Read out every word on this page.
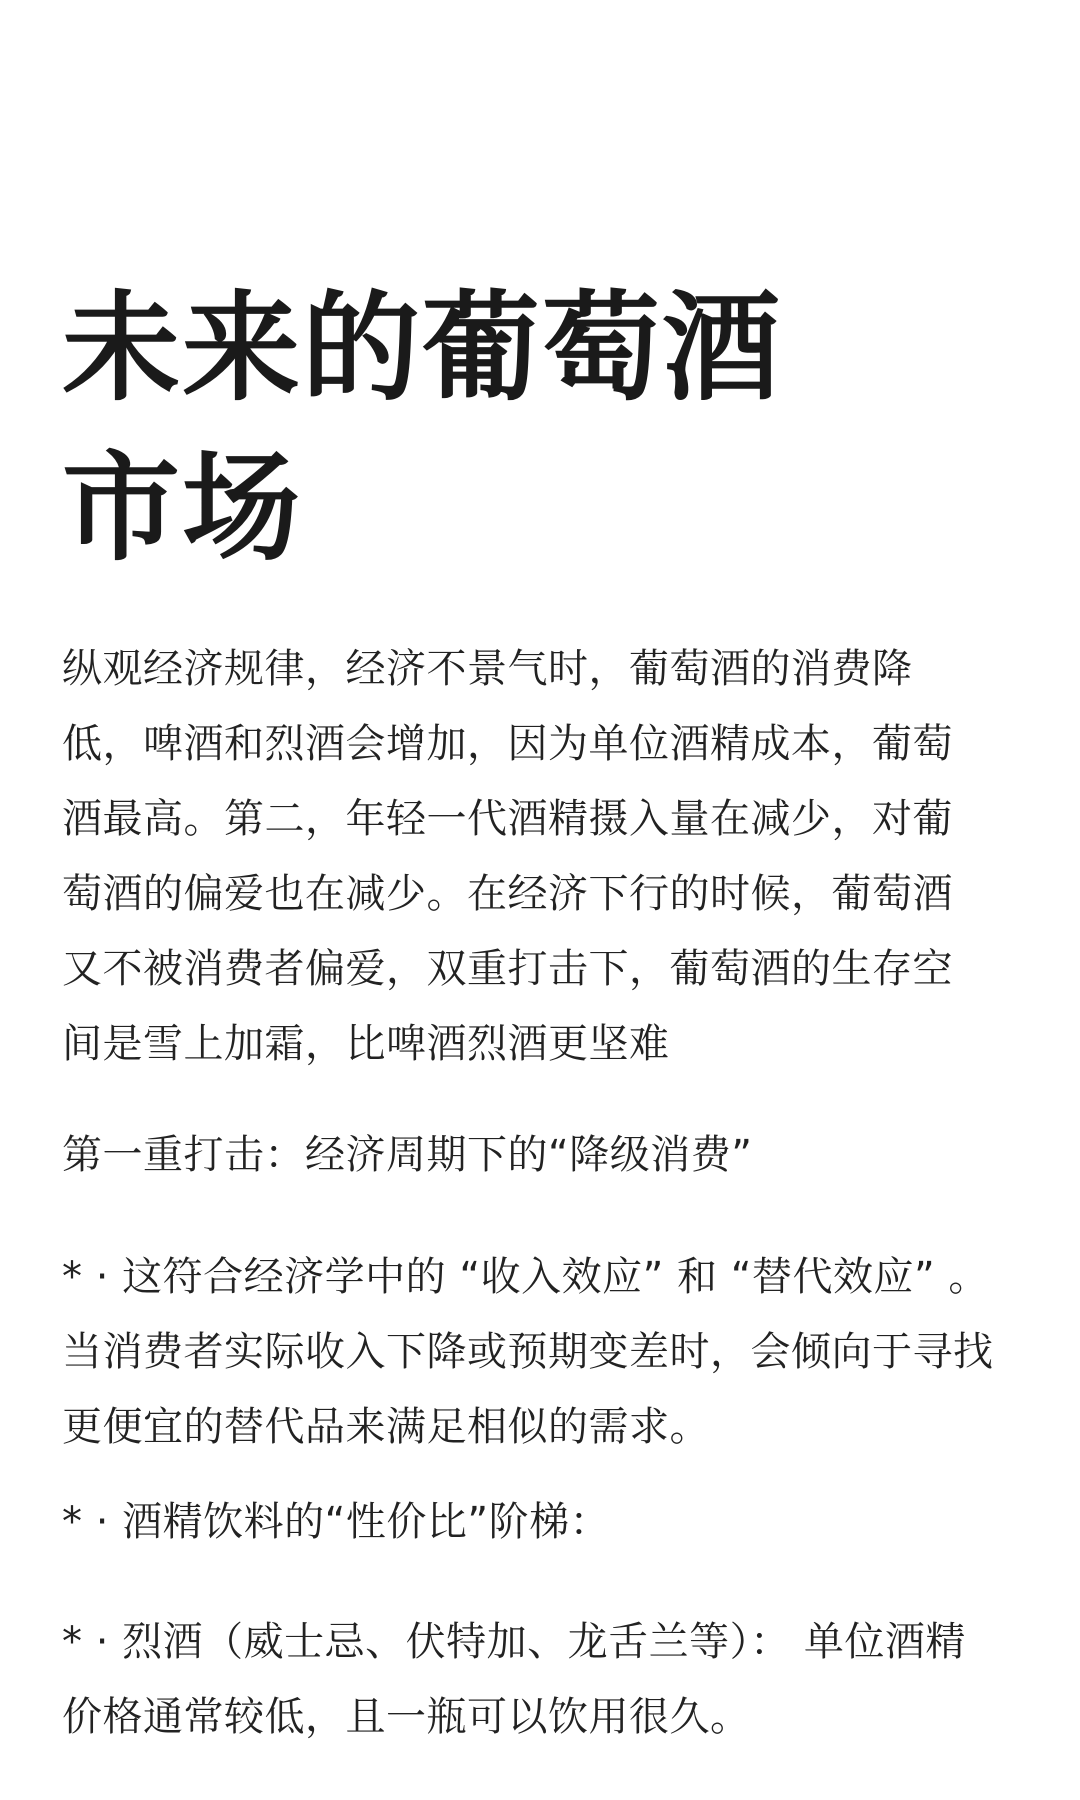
未来的葡萄酒
市场

纵观经济规律，经济不景气时，葡萄酒的消费降
低，啤酒和烈酒会增加，因为单位酒精成本，葡萄
酒最高。第二，年轻一代酒精摄入量在减少，对葡
萄酒的偏爱也在减少。在经济下行的时候，葡萄酒
又不被消费者偏爱，双重打击下，葡萄酒的生存空
间是雪上加霜，比啤酒烈酒更坚难

第一重打击：经济周期下的“降级消费”

* · 这符合经济学中的 “收入效应” 和 “替代效应” 。
当消费者实际收入下降或预期变差时，会倾向于寻找
更便宜的替代品来满足相似的需求。

* · 酒精饮料的“性价比”阶梯：

* · 烈酒（威士忌、伏特加、龙舌兰等）： 单位酒精
价格通常较低，且一瓶可以饮用很久。
